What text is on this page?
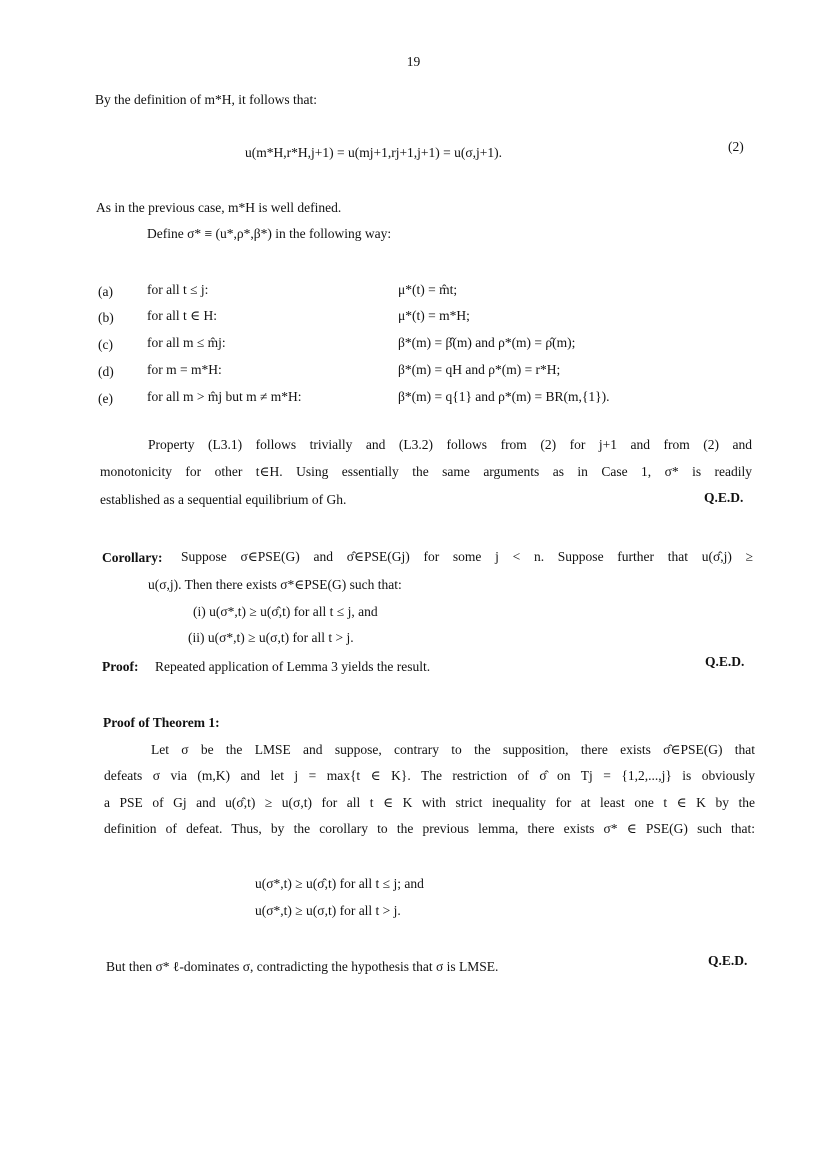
19
By the definition of m*H, it follows that:
u(m*H,r*H,j+1) = u(mj+1,rj+1,j+1) = u(σ,j+1).	(2)
As in the previous case, m*H is well defined.
Define σ* ≡ (u*,ρ*,β*) in the following way:
(a)	for all t ≤ j:	μ*(t) = m̂t;
(b) for all t ∈ H:	μ*(t) = m*H;
(c)	for all m ≤ m̂j:	β*(m) = β̂(m) and ρ*(m) = ρ̂(m);
(d) for m = m*H:	β*(m) = qH and ρ*(m) = r*H;
(e)	for all m > m̂j but m ≠ m*H:	β*(m) = q{1} and ρ*(m) = BR(m,{1}).
Property (L3.1) follows trivially and (L3.2) follows from (2) for j+1 and from (2) and
monotonicity for other t∈H. Using essentially the same arguments as in Case 1, σ* is readily
established as a sequential equilibrium of Gh.	Q.E.D.
Corollary: Suppose σ∈PSE(G) and σ̂∈PSE(Gj) for some j < n. Suppose further that u(σ̂,j) ≥
u(σ,j). Then there exists σ*∈PSE(G) such that:
(i) u(σ*,t) ≥ u(σ̂,t) for all t ≤ j, and
(ii) u(σ*,t) ≥ u(σ,t) for all t > j.
Proof: Repeated application of Lemma 3 yields the result.	Q.E.D.
Proof of Theorem 1:
Let σ be the LMSE and suppose, contrary to the supposition, there exists σ̂∈PSE(G) that
defeats σ via (m,K) and let j = max{t ∈ K}. The restriction of σ̂ on Tj = {1,2,...,j} is obviously
a PSE of Gj and u(σ̂,t) ≥ u(σ,t) for all t ∈ K with strict inequality for at least one t ∈ K by the
definition of defeat. Thus, by the corollary to the previous lemma, there exists σ* ∈ PSE(G) such that:
u(σ*,t) ≥ u(σ̂,t) for all t ≤ j; and
u(σ*,t) ≥ u(σ,t) for all t > j.
But then σ* ℓ-dominates σ, contradicting the hypothesis that σ is LMSE.	Q.E.D.
